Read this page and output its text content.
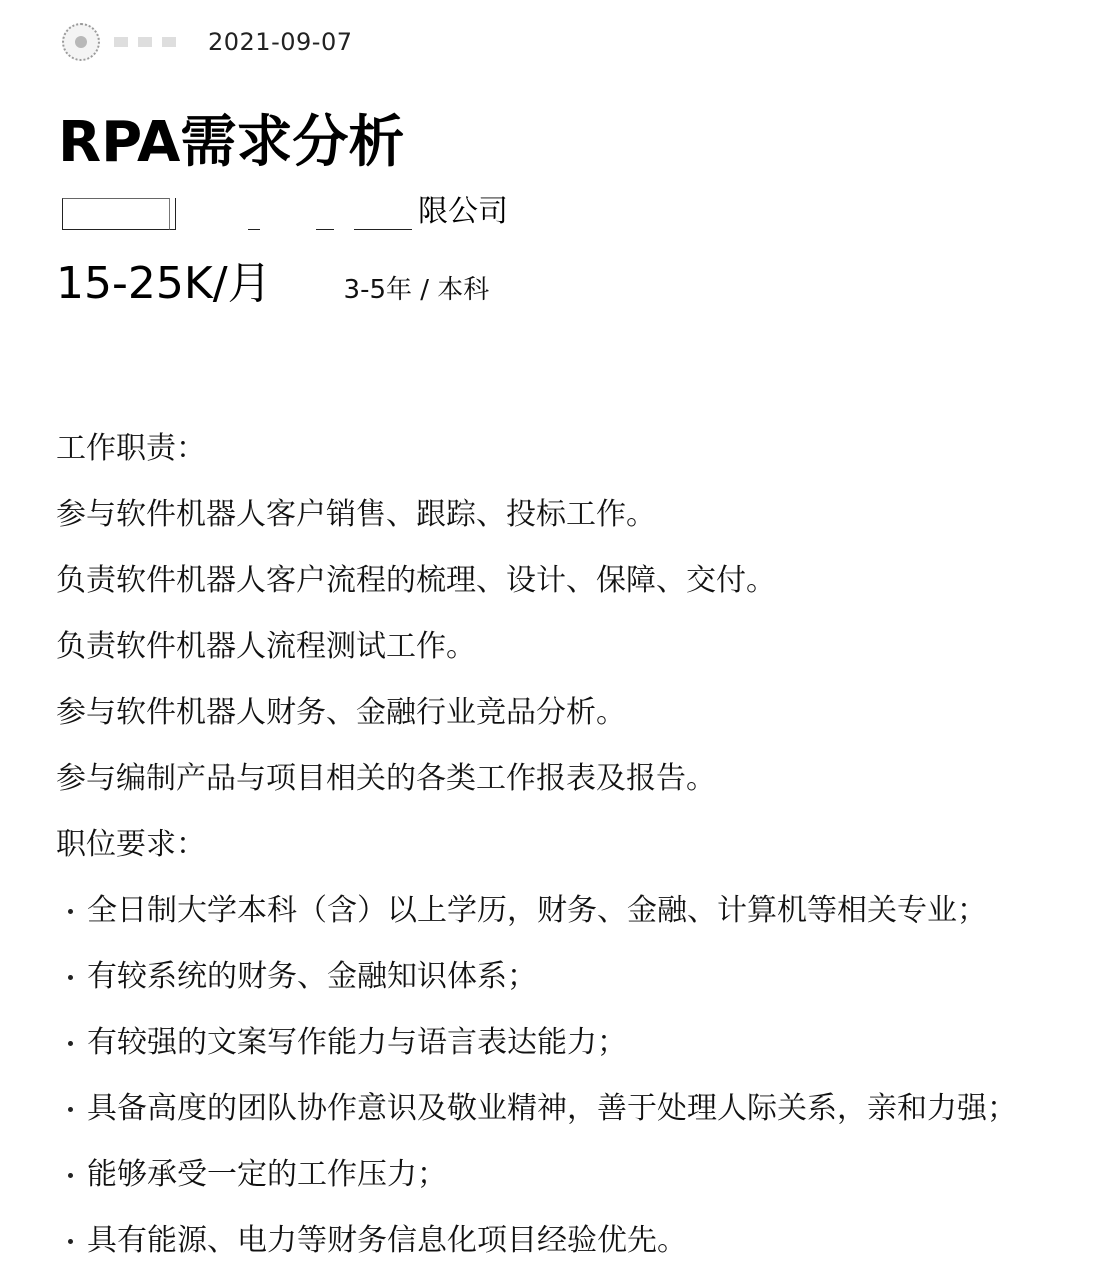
2021-09-07
RPA需求分析
限公司
15-25K/月	3-5年 / 本科
工作职责：
参与软件机器人客户销售、跟踪、投标工作。
负责软件机器人客户流程的梳理、设计、保障、交付。
负责软件机器人流程测试工作。
参与软件机器人财务、金融行业竞品分析。
参与编制产品与项目相关的各类工作报表及报告。
职位要求：
全日制大学本科（含）以上学历，财务、金融、计算机等相关专业；
有较系统的财务、金融知识体系；
有较强的文案写作能力与语言表达能力；
具备高度的团队协作意识及敬业精神，善于处理人际关系，亲和力强；
能够承受一定的工作压力；
具有能源、电力等财务信息化项目经验优先。
